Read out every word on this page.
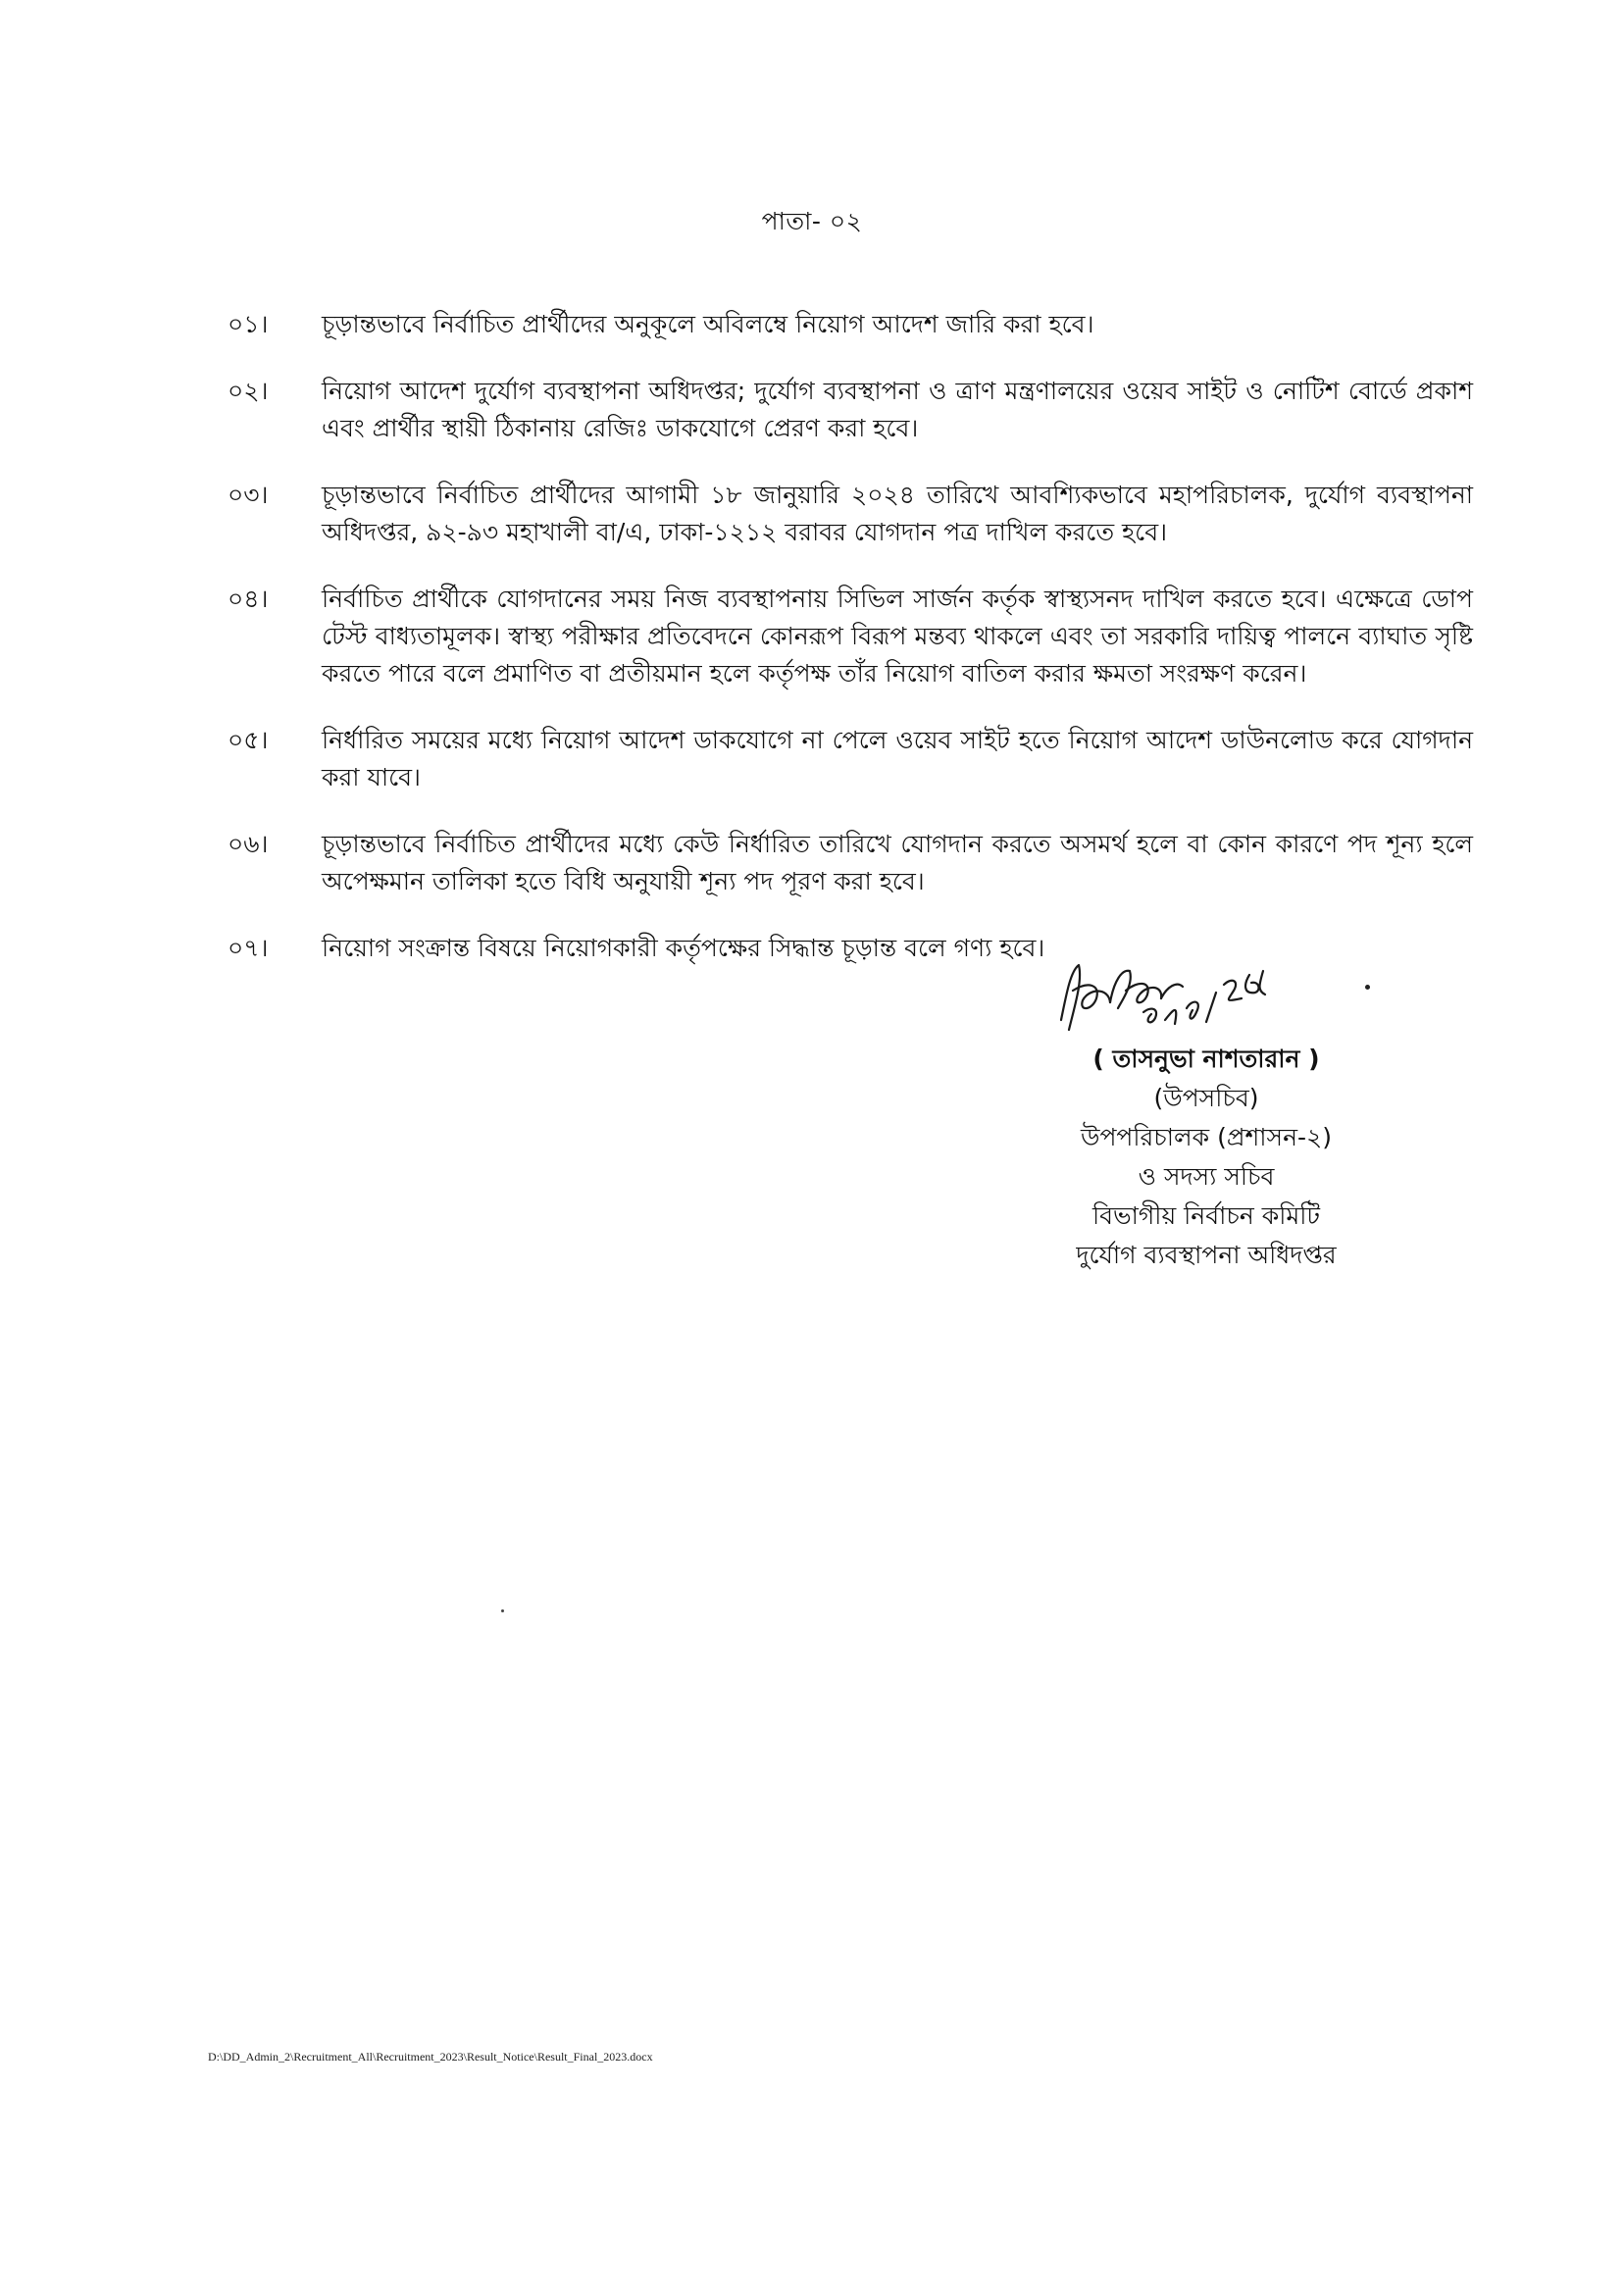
পাতা- ০২
০১।	চূড়ান্তভাবে নির্বাচিত প্রার্থীদের অনুকূলে অবিলম্বে নিয়োগ আদেশ জারি করা হবে।
০২।	নিয়োগ আদেশ দুর্যোগ ব্যবস্থাপনা অধিদপ্তর; দুর্যোগ ব্যবস্থাপনা ও ত্রাণ মন্ত্রণালয়ের ওয়েব সাইট ও নোটিশ বোর্ডে প্রকাশ এবং প্রার্থীর স্থায়ী ঠিকানায় রেজিঃ ডাকযোগে প্রেরণ করা হবে।
০৩।	চূড়ান্তভাবে নির্বাচিত প্রার্থীদের আগামী ১৮ জানুয়ারি ২০২৪ তারিখে আবশ্যিকভাবে মহাপরিচালক, দুর্যোগ ব্যবস্থাপনা অধিদপ্তর, ৯২-৯৩ মহাখালী বা/এ, ঢাকা-১২১২ বরাবর যোগদান পত্র দাখিল করতে হবে।
০৪।	নির্বাচিত প্রার্থীকে যোগদানের সময় নিজ ব্যবস্থাপনায় সিভিল সার্জন কর্তৃক স্বাস্থ্যসনদ দাখিল করতে হবে। এক্ষেত্রে ডোপ টেস্ট বাধ্যতামূলক। স্বাস্থ্য পরীক্ষার প্রতিবেদনে কোনরূপ বিরূপ মন্তব্য থাকলে এবং তা সরকারি দায়িত্ব পালনে ব্যাঘাত সৃষ্টি করতে পারে বলে প্রমাণিত বা প্রতীয়মান হলে কর্তৃপক্ষ তাঁর নিয়োগ বাতিল করার ক্ষমতা সংরক্ষণ করেন।
০৫।	নির্ধারিত সময়ের মধ্যে নিয়োগ আদেশ ডাকযোগে না পেলে ওয়েব সাইট হতে নিয়োগ আদেশ ডাউনলোড করে যোগদান করা যাবে।
০৬।	চূড়ান্তভাবে নির্বাচিত প্রার্থীদের মধ্যে কেউ নির্ধারিত তারিখে যোগদান করতে অসমর্থ হলে বা কোন কারণে পদ শূন্য হলে অপেক্ষমান তালিকা হতে বিধি অনুযায়ী শূন্য পদ পূরণ করা হবে।
০৭।	নিয়োগ সংক্রান্ত বিষয়ে নিয়োগকারী কর্তৃপক্ষের সিদ্ধান্ত চূড়ান্ত বলে গণ্য হবে।
( তাসনুভা নাশতারান )
(উপসচিব)
উপপরিচালক (প্রশাসন-২)
ও সদস্য সচিব
বিভাগীয় নির্বাচন কমিটি
দুর্যোগ ব্যবস্থাপনা অধিদপ্তর
D:\DD_Admin_2\Recruitment_All\Recruitment_2023\Result_Notice\Result_Final_2023.docx
